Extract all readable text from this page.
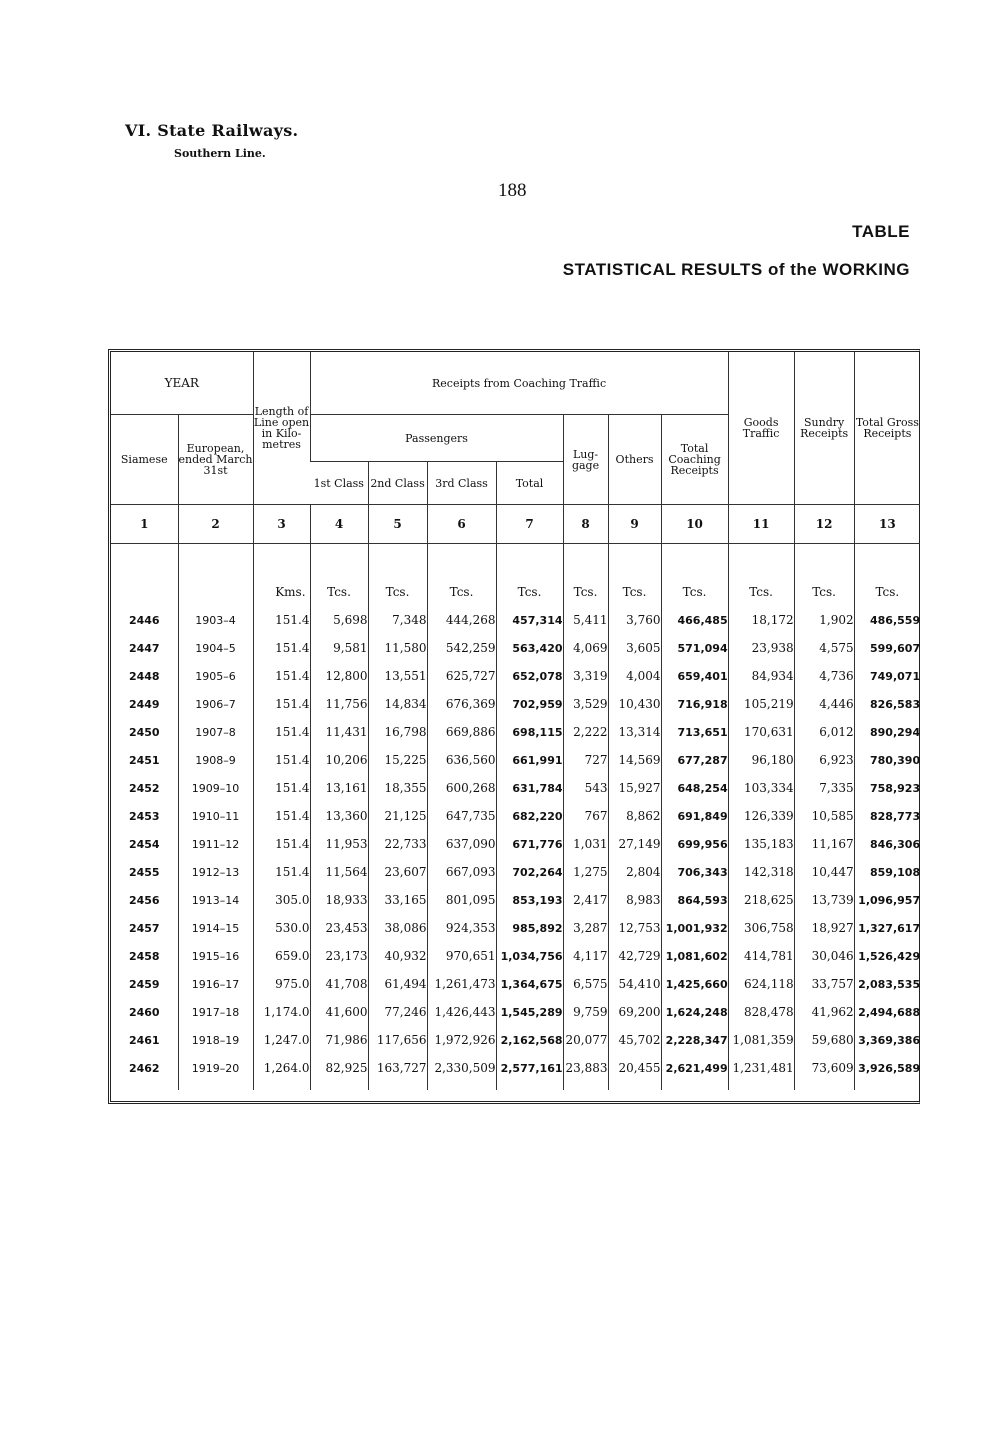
VI. State Railways.
Southern Line.
188
TABLE
STATISTICAL RESULTS of the WORKING
YEAR		Length of Line open in Kilo- metres	Receipts from Coaching Traffic							Goods Traffic	Sundry Receipts	Total Gross Receipts
Siamese	European, ended March 31st		Passengers				Lug- gage	Others	Total Coaching Receipts			
			1st Class	2nd Class	3rd Class	Total						
1	2	3	4	5	6	7	8	9	10	11	12	13

		Kms.	Tcs.	Tcs.	Tcs.	Tcs.	Tcs.	Tcs.	Tcs.	Tcs.	Tcs.	Tcs.
2446	1903–4	151.4	5,698	7,348	444,268	457,314	5,411	3,760	466,485	18,172	1,902	486,559
2447	1904–5	151.4	9,581	11,580	542,259	563,420	4,069	3,605	571,094	23,938	4,575	599,607
2448	1905–6	151.4	12,800	13,551	625,727	652,078	3,319	4,004	659,401	84,934	4,736	749,071
2449	1906–7	151.4	11,756	14,834	676,369	702,959	3,529	10,430	716,918	105,219	4,446	826,583
2450	1907–8	151.4	11,431	16,798	669,886	698,115	2,222	13,314	713,651	170,631	6,012	890,294
2451	1908–9	151.4	10,206	15,225	636,560	661,991	727	14,569	677,287	96,180	6,923	780,390
2452	1909–10	151.4	13,161	18,355	600,268	631,784	543	15,927	648,254	103,334	7,335	758,923
2453	1910–11	151.4	13,360	21,125	647,735	682,220	767	8,862	691,849	126,339	10,585	828,773
2454	1911–12	151.4	11,953	22,733	637,090	671,776	1,031	27,149	699,956	135,183	11,167	846,306
2455	1912–13	151.4	11,564	23,607	667,093	702,264	1,275	2,804	706,343	142,318	10,447	859,108
2456	1913–14	305.0	18,933	33,165	801,095	853,193	2,417	8,983	864,593	218,625	13,739	1,096,957
2457	1914–15	530.0	23,453	38,086	924,353	985,892	3,287	12,753	1,001,932	306,758	18,927	1,327,617
2458	1915–16	659.0	23,173	40,932	970,651	1,034,756	4,117	42,729	1,081,602	414,781	30,046	1,526,429
2459	1916–17	975.0	41,708	61,494	1,261,473	1,364,675	6,575	54,410	1,425,660	624,118	33,757	2,083,535
2460	1917–18	1,174.0	41,600	77,246	1,426,443	1,545,289	9,759	69,200	1,624,248	828,478	41,962	2,494,688
2461	1918–19	1,247.0	71,986	117,656	1,972,926	2,162,568	20,077	45,702	2,228,347	1,081,359	59,680	3,369,386
2462	1919–20	1,264.0	82,925	163,727	2,330,509	2,577,161	23,883	20,455	2,621,499	1,231,481	73,609	3,926,589
